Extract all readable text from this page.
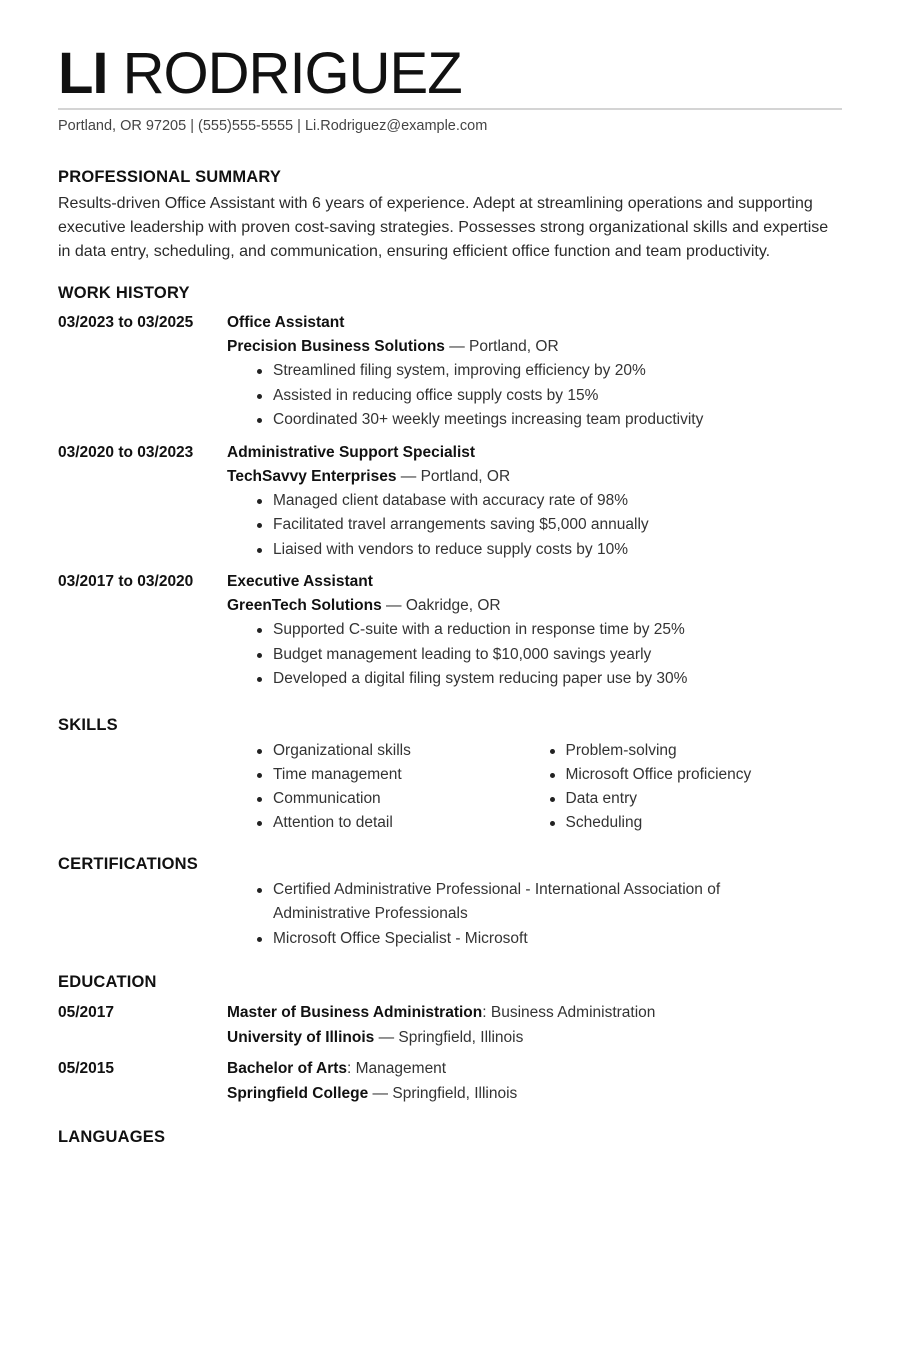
LI RODRIGUEZ
Portland, OR 97205 | (555)555-5555 | Li.Rodriguez@example.com
PROFESSIONAL SUMMARY

Results-driven Office Assistant with 6 years of experience. Adept at streamlining operations and supporting executive leadership with proven cost-saving strategies. Possesses strong organizational skills and expertise in data entry, scheduling, and communication, ensuring efficient office function and team productivity.

WORK HISTORY
03/2023 to 03/2025	Office Assistant
Precision Business Solutions — Portland, OR
Streamlined filing system, improving efficiency by 20%
Assisted in reducing office supply costs by 15%
Coordinated 30+ weekly meetings increasing team productivity
03/2020 to 03/2023	Administrative Support Specialist
TechSavvy Enterprises — Portland, OR
Managed client database with accuracy rate of 98%
Facilitated travel arrangements saving $5,000 annually
Liaised with vendors to reduce supply costs by 10%
03/2017 to 03/2020	Executive Assistant
GreenTech Solutions — Oakridge, OR
Supported C-suite with a reduction in response time by 25%
Budget management leading to $10,000 savings yearly
Developed a digital filing system reducing paper use by 30%
SKILLS
Organizational skills
Time management
Communication
Attention to detail
Problem-solving
Microsoft Office proficiency
Data entry
Scheduling
CERTIFICATIONS
Certified Administrative Professional - International Association of Administrative Professionals
Microsoft Office Specialist - Microsoft
EDUCATION
05/2017	Master of Business Administration: Business Administration
University of Illinois — Springfield, Illinois
05/2015	Bachelor of Arts: Management
Springfield College — Springfield, Illinois
LANGUAGES
